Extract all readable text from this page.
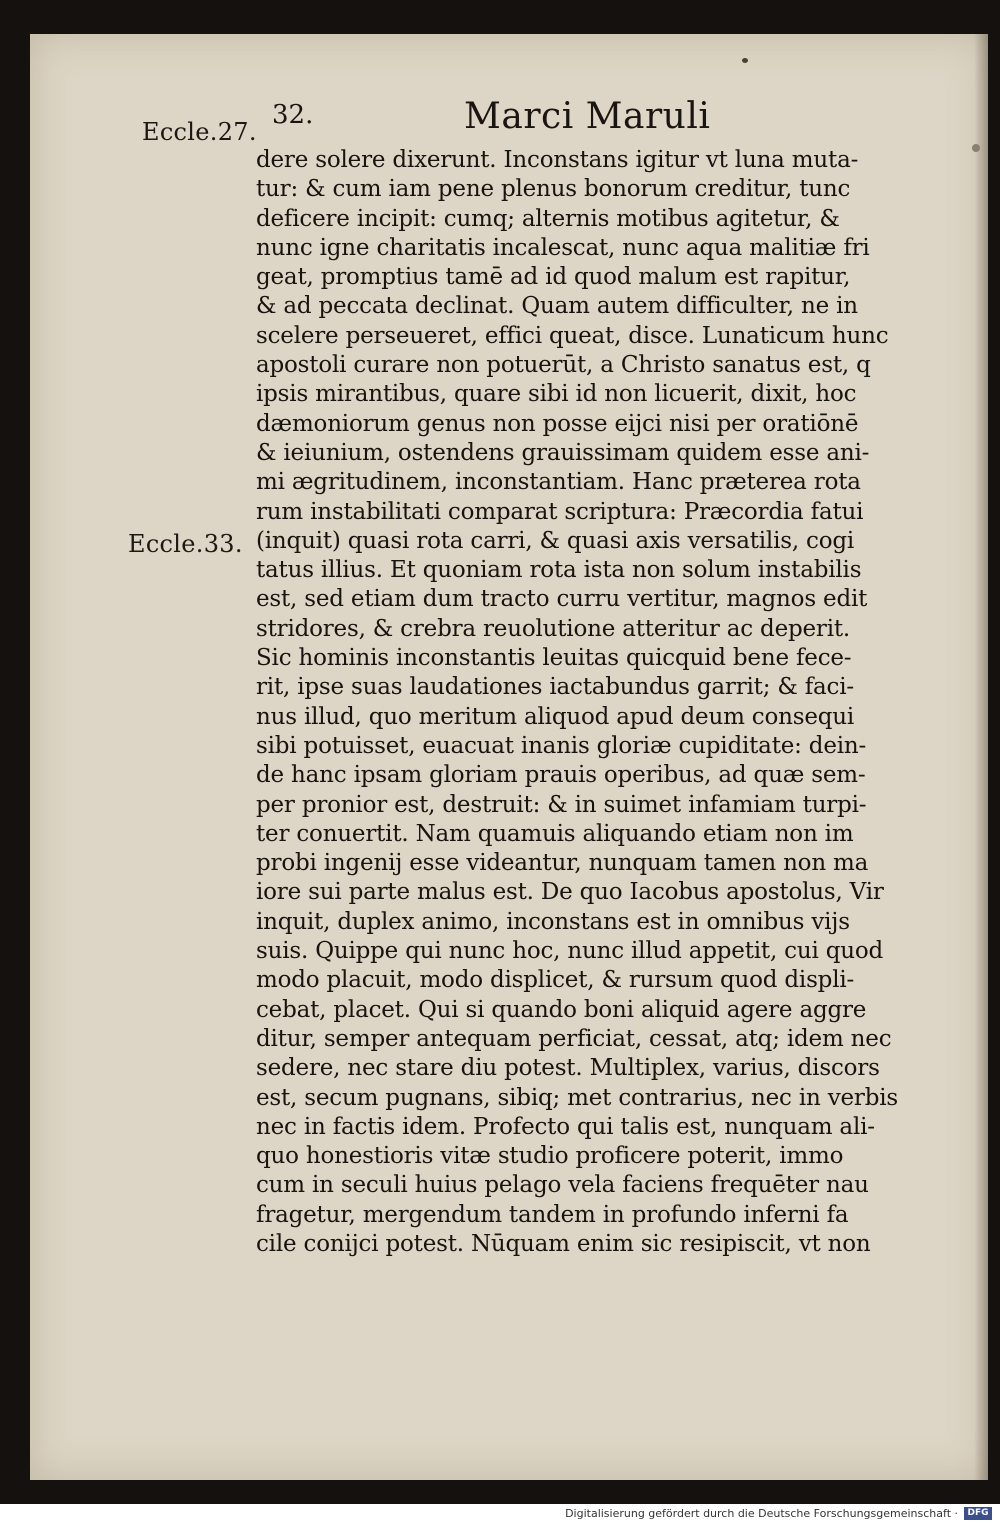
32.	Marci Maruli
Eccle.27.
Eccle.33.
dere solere dixerunt. Inconstans igitur vt luna muta-
tur: & cum iam pene plenus bonorum creditur, tunc
deficere incipit: cumq; alternis motibus agitetur, &
nunc igne charitatis incalescat, nunc aqua malitiæ fri
geat, promptius tamē ad id quod malum est rapitur,
& ad peccata declinat. Quam autem difficulter, ne in
scelere perseueret, effici queat, disce. Lunaticum hunc
apostoli curare non potuerūt, a Christo sanatus est, q
ipsis mirantibus, quare sibi id non licuerit, dixit, hoc
dæmoniorum genus non posse eijci nisi per oratiōnē
& ieiunium, ostendens grauissimam quidem esse ani-
mi ægritudinem, inconstantiam. Hanc præterea rota
rum instabilitati comparat scriptura: Præcordia fatui
(inquit) quasi rota carri, & quasi axis versatilis, cogi
tatus illius. Et quoniam rota ista non solum instabilis
est, sed etiam dum tracto curru vertitur, magnos edit
stridores, & crebra reuolutione atteritur ac deperit.
Sic hominis inconstantis leuitas quicquid bene fece-
rit, ipse suas laudationes iactabundus garrit; & faci-
nus illud, quo meritum aliquod apud deum consequi
sibi potuisset, euacuat inanis gloriæ cupiditate: dein-
de hanc ipsam gloriam prauis operibus, ad quæ sem-
per pronior est, destruit: & in suimet infamiam turpi-
ter conuertit. Nam quamuis aliquando etiam non im
probi ingenij esse videantur, nunquam tamen non ma
iore sui parte malus est. De quo Iacobus apostolus, Vir
inquit, duplex animo, inconstans est in omnibus vijs
suis. Quippe qui nunc hoc, nunc illud appetit, cui quod
modo placuit, modo displicet, & rursum quod displi-
cebat, placet. Qui si quando boni aliquid agere aggre
ditur, semper antequam perficiat, cessat, atq; idem nec
sedere, nec stare diu potest. Multiplex, varius, discors
est, secum pugnans, sibiq; met contrarius, nec in verbis
nec in factis idem. Profecto qui talis est, nunquam ali-
quo honestioris vitæ studio proficere poterit, immo
cum in seculi huius pelago vela faciens frequēter nau
fragetur, mergendum tandem in profundo inferni fa
cile conijci potest. Nūquam enim sic resipiscit, vt non
Digitalisierung gefördert durch die Deutsche Forschungsgemeinschaft ·	DFG
